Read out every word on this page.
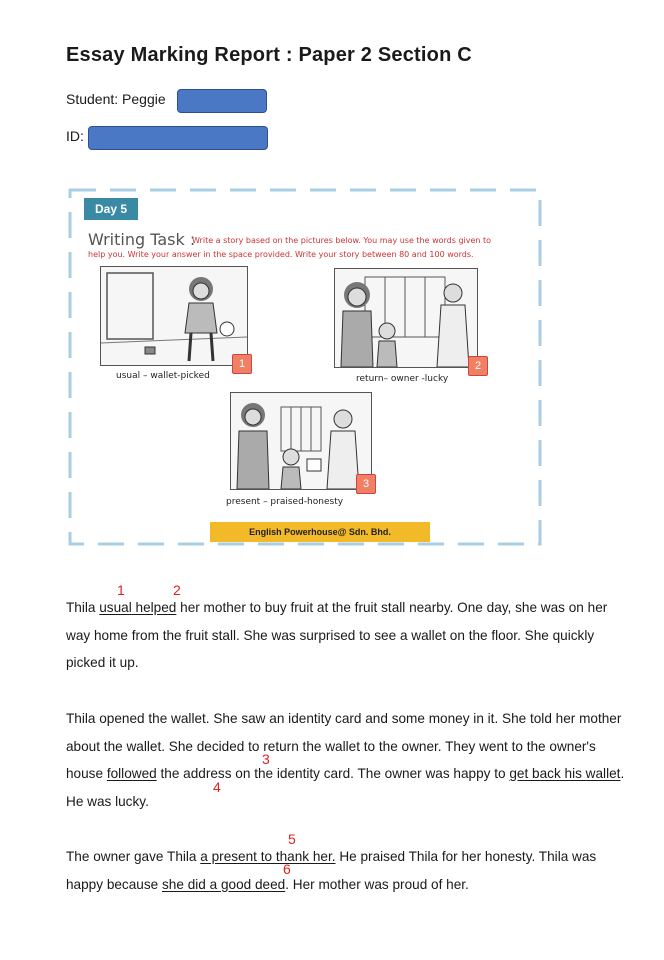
Essay Marking Report : Paper 2 Section C
Student: Peggie
ID:
Day 5
Writing Task :
Write a story based on the pictures below. You may use the words given to
help you. Write your answer in the space provided. Write your story between 80 and 100 words.
1
usual – wallet-picked
2
return– owner -lucky
3
present – praised-honesty
English Powerhouse@ Sdn. Bhd.
1	2
3
4
5
6
Thila usual helped her mother to buy fruit at the fruit stall nearby. One day, she was on her way home from the fruit stall. She was surprised to see a wallet on the floor. She quickly picked it up.
Thila opened the wallet. She saw an identity card and some money in it. She told her mother about the wallet. She decided to return the wallet to the owner. They went to the owner's house followed the address on the identity card. The owner was happy to get back his wallet. He was lucky.
The owner gave Thila a present to thank her. He praised Thila for her honesty. Thila was happy because she did a good deed. Her mother was proud of her.
